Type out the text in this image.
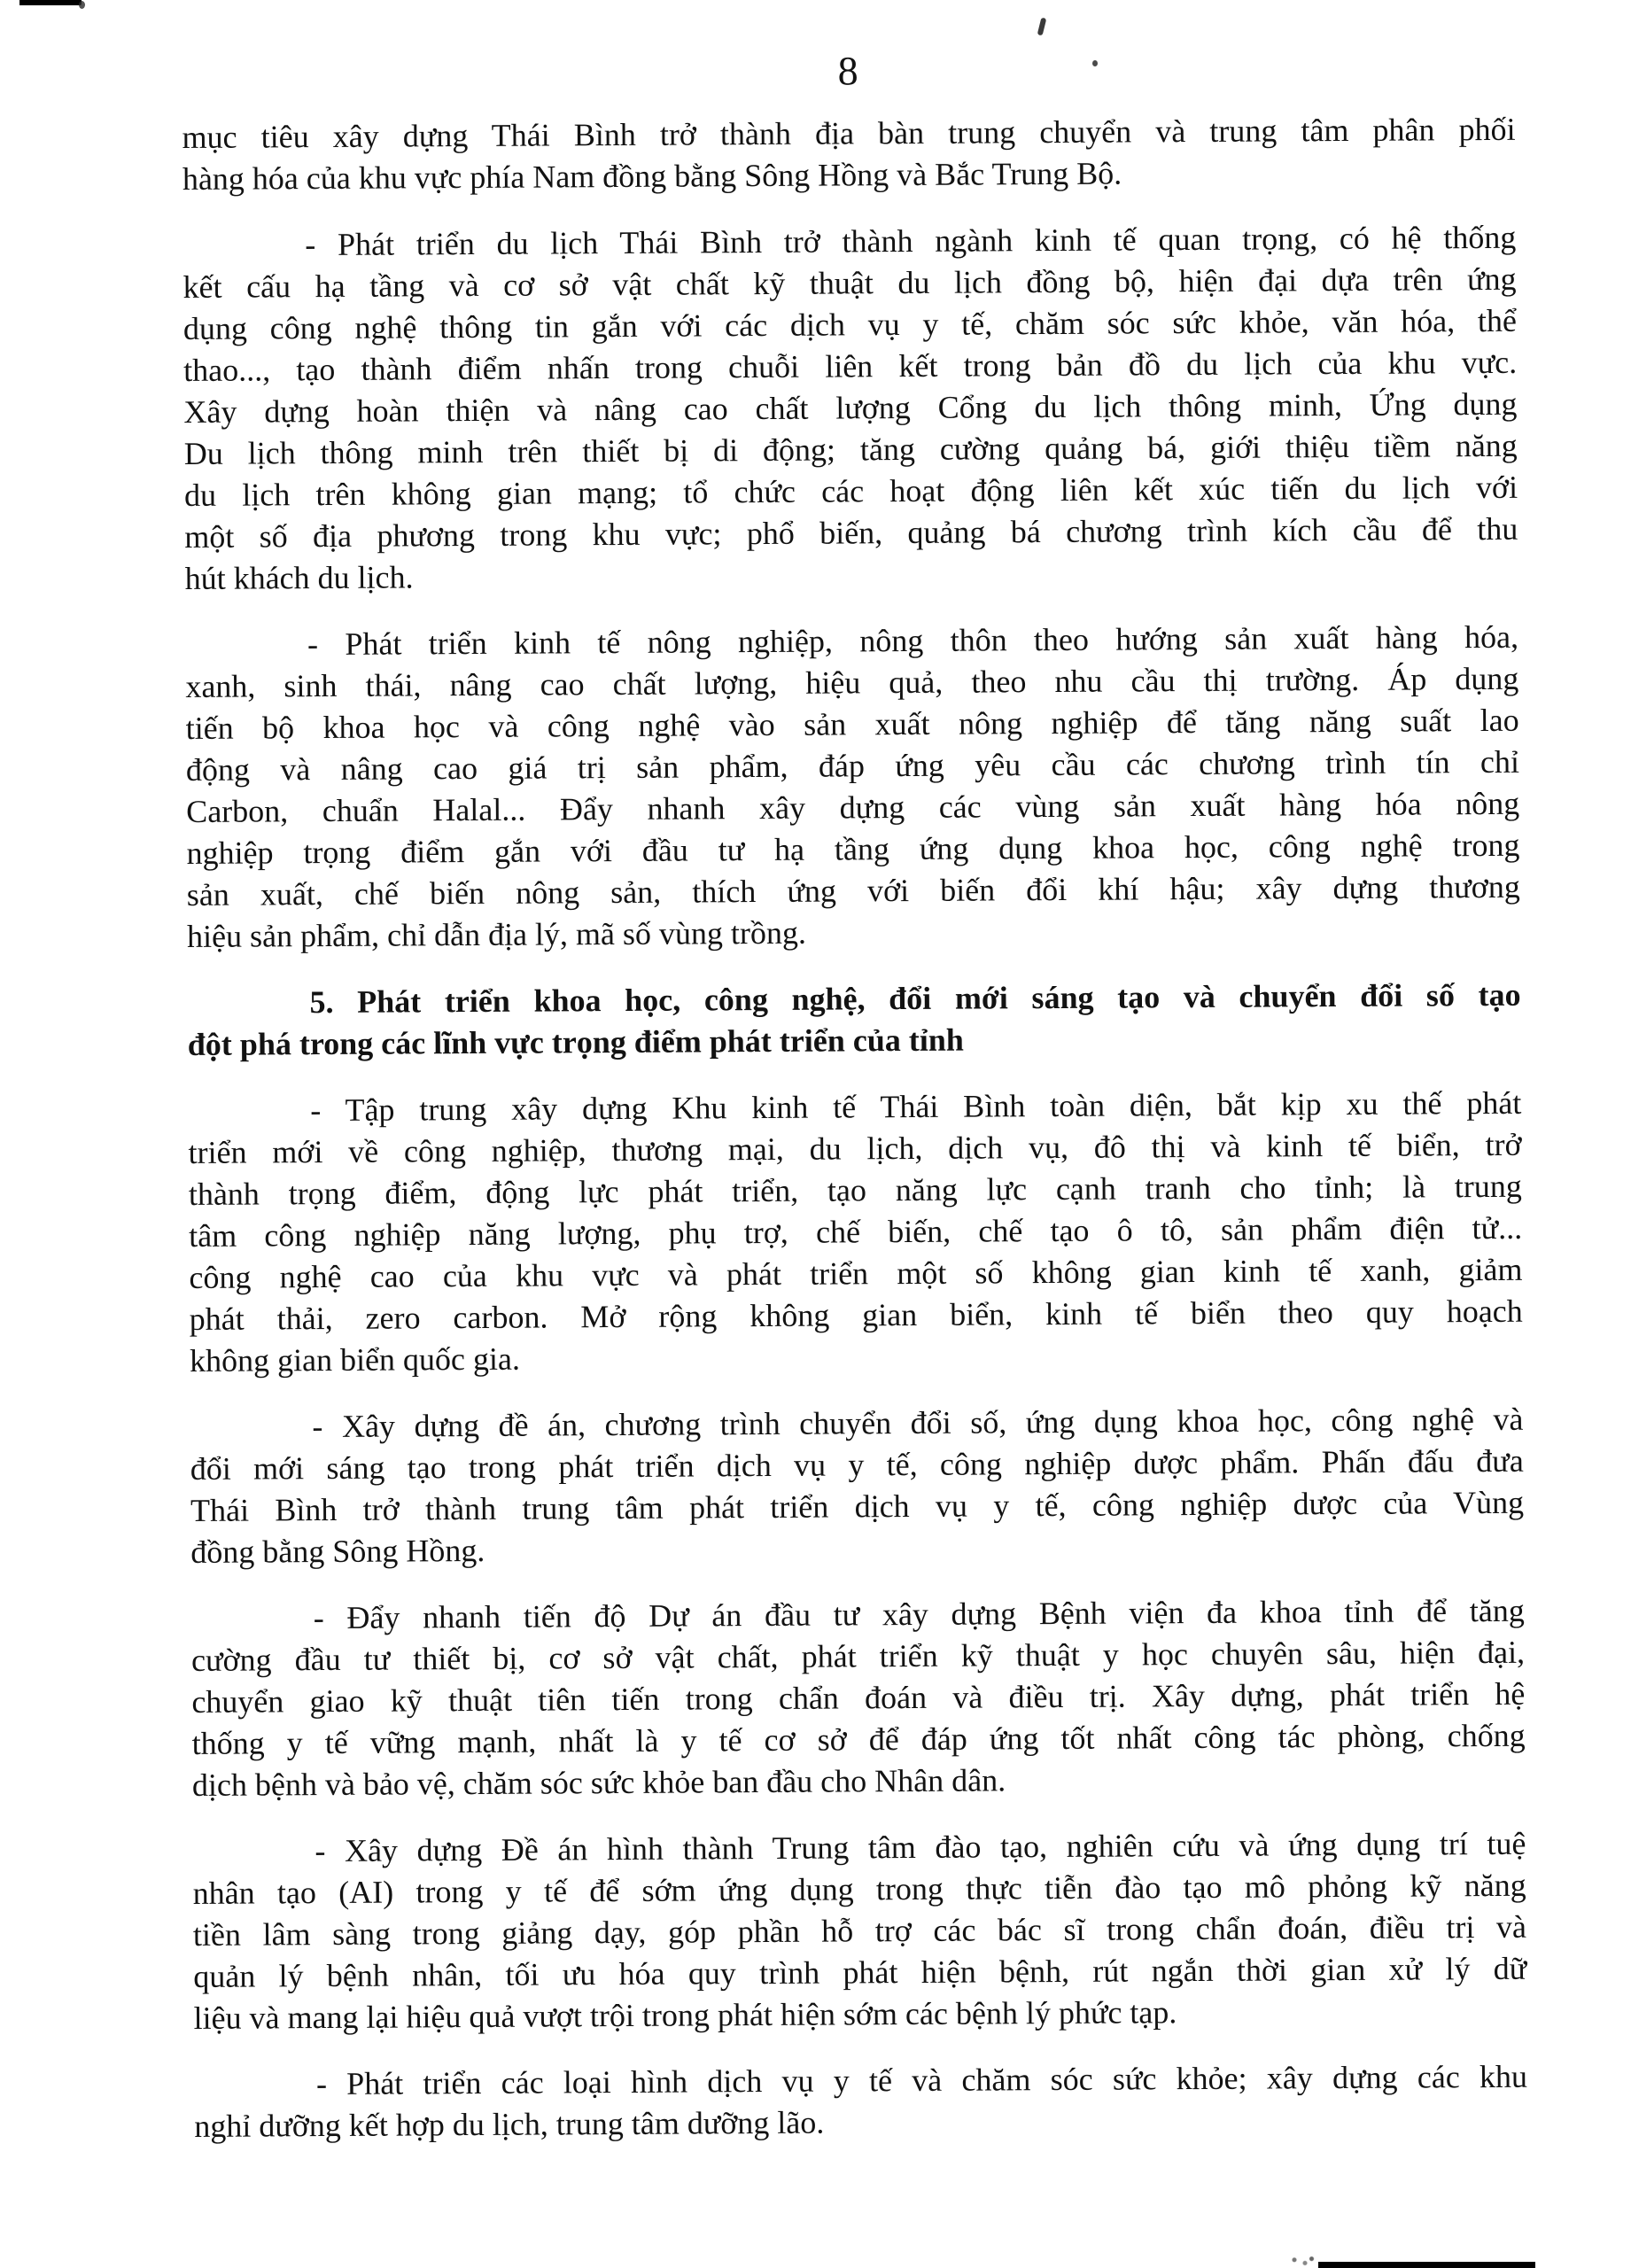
8
mục tiêu xây dựng Thái Bình trở thành địa bàn trung chuyển và trung tâm phân phối
hàng hóa của khu vực phía Nam đồng bằng Sông Hồng và Bắc Trung Bộ.
- Phát triển du lịch Thái Bình trở thành ngành kinh tế quan trọng, có hệ thống
kết cấu hạ tầng và cơ sở vật chất kỹ thuật du lịch đồng bộ, hiện đại dựa trên ứng
dụng công nghệ thông tin gắn với các dịch vụ y tế, chăm sóc sức khỏe, văn hóa, thể
thao..., tạo thành điểm nhấn trong chuỗi liên kết trong bản đồ du lịch của khu vực.
Xây dựng hoàn thiện và nâng cao chất lượng Cổng du lịch thông minh, Ứng dụng
Du lịch thông minh trên thiết bị di động; tăng cường quảng bá, giới thiệu tiềm năng
du lịch trên không gian mạng; tổ chức các hoạt động liên kết xúc tiến du lịch với
một số địa phương trong khu vực; phổ biến, quảng bá chương trình kích cầu để thu
hút khách du lịch.
- Phát triển kinh tế nông nghiệp, nông thôn theo hướng sản xuất hàng hóa,
xanh, sinh thái, nâng cao chất lượng, hiệu quả, theo nhu cầu thị trường. Áp dụng
tiến bộ khoa học và công nghệ vào sản xuất nông nghiệp để tăng năng suất lao
động và nâng cao giá trị sản phẩm, đáp ứng yêu cầu các chương trình tín chỉ
Carbon, chuẩn Halal... Đẩy nhanh xây dựng các vùng sản xuất hàng hóa nông
nghiệp trọng điểm gắn với đầu tư hạ tầng ứng dụng khoa học, công nghệ trong
sản xuất, chế biến nông sản, thích ứng với biến đổi khí hậu; xây dựng thương
hiệu sản phẩm, chỉ dẫn địa lý, mã số vùng trồng.
5. Phát triển khoa học, công nghệ, đổi mới sáng tạo và chuyển đổi số tạo
đột phá trong các lĩnh vực trọng điểm phát triển của tỉnh
- Tập trung xây dựng Khu kinh tế Thái Bình toàn diện, bắt kịp xu thế phát
triển mới về công nghiệp, thương mại, du lịch, dịch vụ, đô thị và kinh tế biển, trở
thành trọng điểm, động lực phát triển, tạo năng lực cạnh tranh cho tỉnh; là trung
tâm công nghiệp năng lượng, phụ trợ, chế biến, chế tạo ô tô, sản phẩm điện tử...
công nghệ cao của khu vực và phát triển một số không gian kinh tế xanh, giảm
phát thải, zero carbon. Mở rộng không gian biển, kinh tế biển theo quy hoạch
không gian biển quốc gia.
- Xây dựng đề án, chương trình chuyển đổi số, ứng dụng khoa học, công nghệ và
đổi mới sáng tạo trong phát triển dịch vụ y tế, công nghiệp dược phẩm. Phấn đấu đưa
Thái Bình trở thành trung tâm phát triển dịch vụ y tế, công nghiệp dược của Vùng
đồng bằng Sông Hồng.
- Đẩy nhanh tiến độ Dự án đầu tư xây dựng Bệnh viện đa khoa tỉnh để tăng
cường đầu tư thiết bị, cơ sở vật chất, phát triển kỹ thuật y học chuyên sâu, hiện đại,
chuyển giao kỹ thuật tiên tiến trong chẩn đoán và điều trị. Xây dựng, phát triển hệ
thống y tế vững mạnh, nhất là y tế cơ sở để đáp ứng tốt nhất công tác phòng, chống
dịch bệnh và bảo vệ, chăm sóc sức khỏe ban đầu cho Nhân dân.
- Xây dựng Đề án hình thành Trung tâm đào tạo, nghiên cứu và ứng dụng trí tuệ
nhân tạo (AI) trong y tế để sớm ứng dụng trong thực tiễn đào tạo mô phỏng kỹ năng
tiền lâm sàng trong giảng dạy, góp phần hỗ trợ các bác sĩ trong chẩn đoán, điều trị và
quản lý bệnh nhân, tối ưu hóa quy trình phát hiện bệnh, rút ngắn thời gian xử lý dữ
liệu và mang lại hiệu quả vượt trội trong phát hiện sớm các bệnh lý phức tạp.
- Phát triển các loại hình dịch vụ y tế và chăm sóc sức khỏe; xây dựng các khu
nghỉ dưỡng kết hợp du lịch, trung tâm dưỡng lão.
